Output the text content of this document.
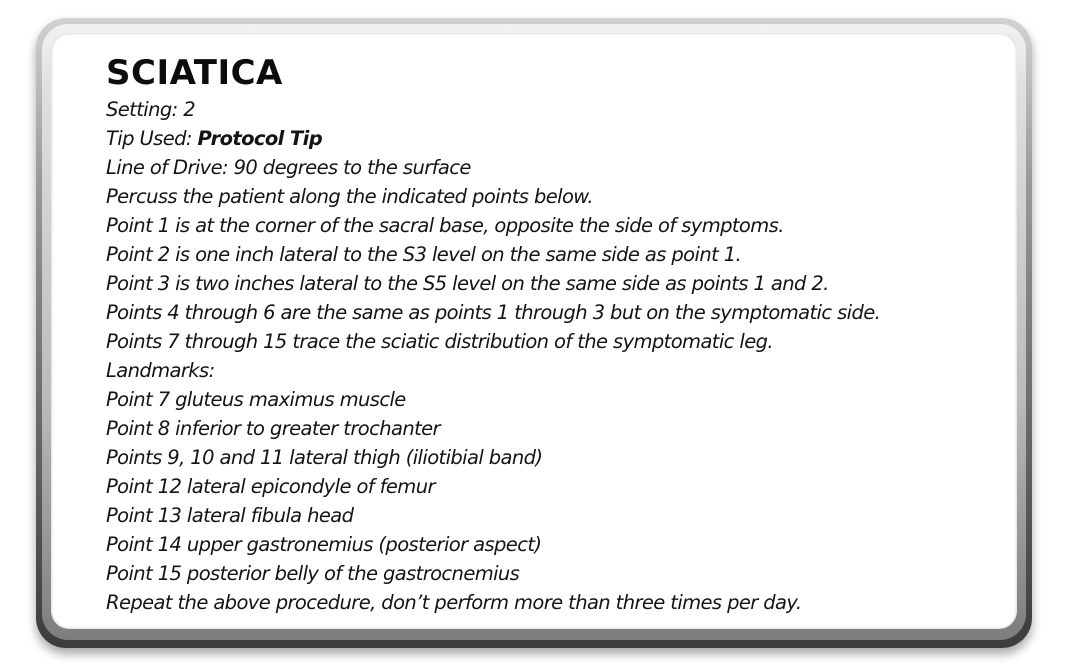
SCIATICA
Setting: 2
Tip Used: Protocol Tip
Line of Drive: 90 degrees to the surface
Percuss the patient along the indicated points below.
Point 1 is at the corner of the sacral base, opposite the side of symptoms.
Point 2 is one inch lateral to the S3 level on the same side as point 1.
Point 3 is two inches lateral to the S5 level on the same side as points 1 and 2.
Points 4 through 6 are the same as points 1 through 3 but on the symptomatic side.
Points 7 through 15 trace the sciatic distribution of the symptomatic leg.
Landmarks:
Point 7 gluteus maximus muscle
Point 8 inferior to greater trochanter
Points 9, 10 and 11 lateral thigh (iliotibial band)
Point 12 lateral epicondyle of femur
Point 13 lateral fibula head
Point 14 upper gastronemius (posterior aspect)
Point 15 posterior belly of the gastrocnemius
Repeat the above procedure, don’t perform more than three times per day.
